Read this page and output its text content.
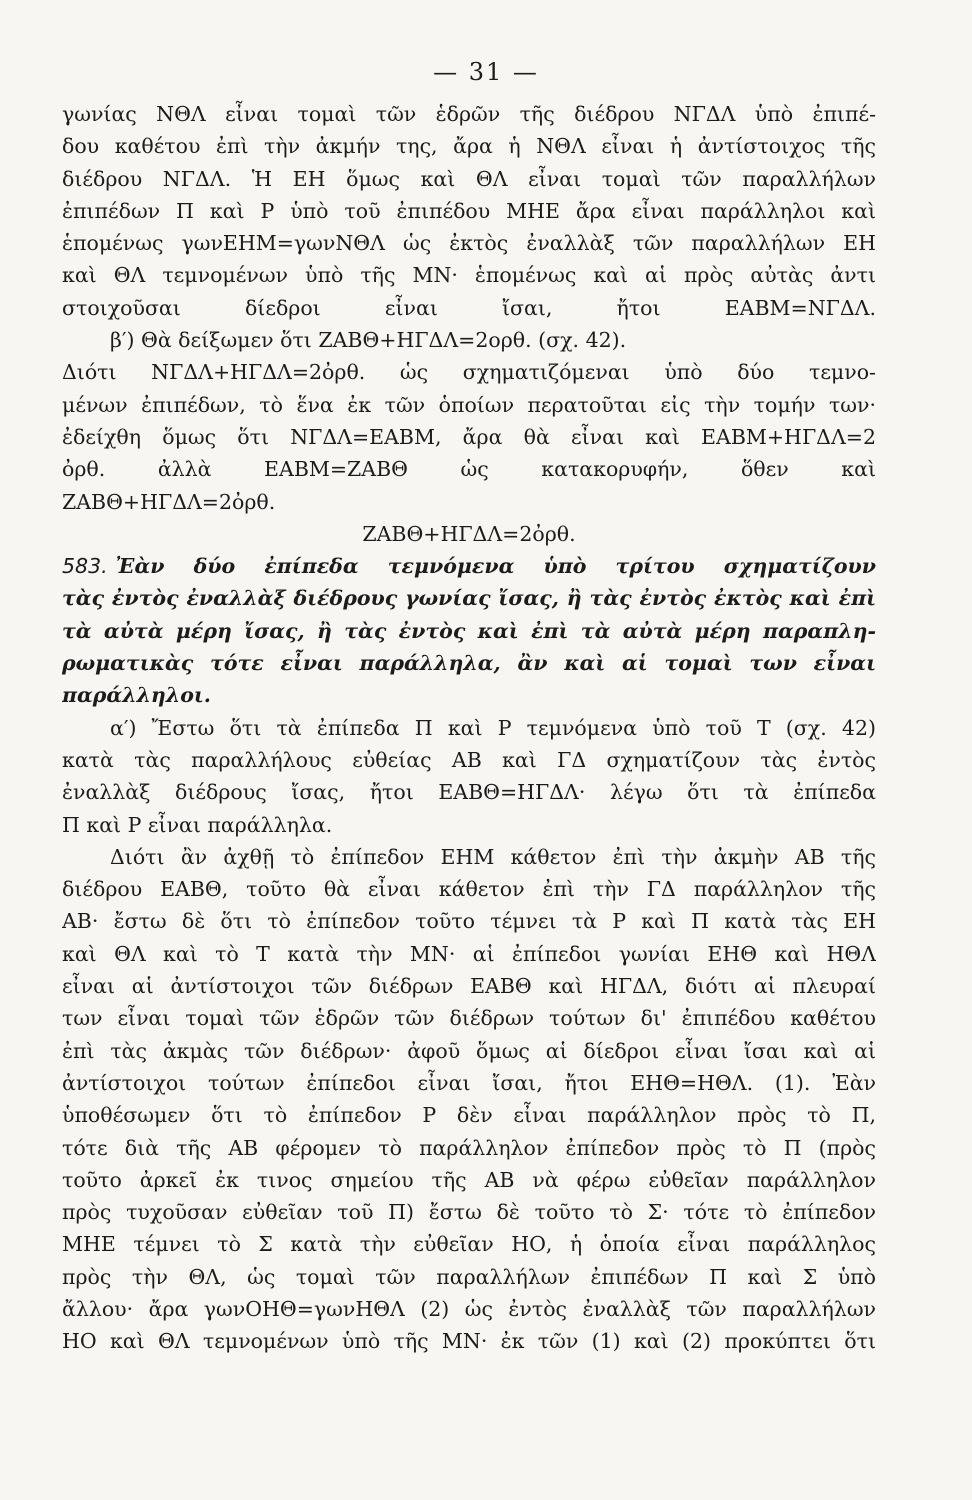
— 31 —
γωνίας ΝΘΛ εἶναι τομαὶ τῶν ἑδρῶν τῆς διέδρου ΝΓΔΛ ὑπὸ ἐπιπέ-
δου καθέτου ἐπὶ τὴν ἀκμήν της, ἄρα ἡ ΝΘΛ εἶναι ἡ ἀντίστοιχος τῆς
διέδρου ΝΓΔΛ. Ἡ ΕΗ ὅμως καὶ ΘΛ εἶναι τομαὶ τῶν παραλλήλων
ἐπιπέδων Π καὶ Ρ ὑπὸ τοῦ ἐπιπέδου ΜΗΕ ἄρα εἶναι παράλληλοι καὶ
ἑπομένως γωνΕΗΜ=γωνΝΘΛ ὡς ἐκτὸς ἐναλλὰξ τῶν παραλλήλων ΕΗ
καὶ ΘΛ τεμνομένων ὑπὸ τῆς ΜΝ· ἑπομένως καὶ αἱ πρὸς αὐτὰς ἀντι
στοιχοῦσαι δίεδροι εἶναι ἴσαι, ἤτοι ΕΑΒΜ=ΝΓΔΛ.
β′) Θὰ δείξωμεν ὅτι ΖΑΒΘ+ΗΓΔΛ=2ορθ. (σχ. 42).
Διότι ΝΓΔΛ+ΗΓΔΛ=2ὀρθ. ὡς σχηματιζόμεναι ὑπὸ δύο τεμνο-
μένων ἐπιπέδων, τὸ ἕνα ἐκ τῶν ὁποίων περατοῦται εἰς τὴν τομήν των·
ἐδείχθη ὅμως ὅτι ΝΓΔΛ=ΕΑΒΜ, ἄρα θὰ εἶναι καὶ ΕΑΒΜ+ΗΓΔΛ=2
ὀρθ. ἀλλὰ ΕΑΒΜ=ΖΑΒΘ ὡς κατακορυφήν, ὅθεν καὶ
ΖΑΒΘ+ΗΓΔΛ=2ὀρθ.
ΖΑΒΘ+ΗΓΔΛ=2ὀρθ.
583. Ἐὰν δύο ἐπίπεδα τεμνόμενα ὑπὸ τρίτου σχηματίζουν
τὰς ἐντὸς ἐναλλὰξ διέδρους γωνίας ἴσας, ἢ τὰς ἐντὸς ἐκτὸς καὶ ἐπὶ
τὰ αὐτὰ μέρη ἴσας, ἢ τὰς ἐντὸς καὶ ἐπὶ τὰ αὐτὰ μέρη παραπλη-
ρωματικὰς τότε εἶναι παράλληλα, ἂν καὶ αἱ τομαὶ των εἶναι
παράλληλοι.
α′) Ἔστω ὅτι τὰ ἐπίπεδα Π καὶ Ρ τεμνόμενα ὑπὸ τοῦ Τ (σχ. 42)
κατὰ τὰς παραλλήλους εὐθείας ΑΒ καὶ ΓΔ σχηματίζουν τὰς ἐντὸς
ἐναλλὰξ διέδρους ἴσας, ἤτοι ΕΑΒΘ=ΗΓΔΛ· λέγω ὅτι τὰ ἐπίπεδα
Π καὶ Ρ εἶναι παράλληλα.
Διότι ἂν ἀχθῇ τὸ ἐπίπεδον ΕΗΜ κάθετον ἐπὶ τὴν ἀκμὴν ΑΒ τῆς
διέδρου ΕΑΒΘ, τοῦτο θὰ εἶναι κάθετον ἐπὶ τὴν ΓΔ παράλληλον τῆς
ΑΒ· ἔστω δὲ ὅτι τὸ ἐπίπεδον τοῦτο τέμνει τὰ Ρ καὶ Π κατὰ τὰς ΕΗ
καὶ ΘΛ καὶ τὸ Τ κατὰ τὴν ΜΝ· αἱ ἐπίπεδοι γωνίαι ΕΗΘ καὶ ΗΘΛ
εἶναι αἱ ἀντίστοιχοι τῶν διέδρων ΕΑΒΘ καὶ ΗΓΔΛ, διότι αἱ πλευραί
των εἶναι τομαὶ τῶν ἑδρῶν τῶν διέδρων τούτων δι' ἐπιπέδου καθέτου
ἐπὶ τὰς ἀκμὰς τῶν διέδρων· ἀφοῦ ὅμως αἱ δίεδροι εἶναι ἴσαι καὶ αἱ
ἀντίστοιχοι τούτων ἐπίπεδοι εἶναι ἴσαι, ἤτοι ΕΗΘ=ΗΘΛ. (1). Ἐὰν
ὑποθέσωμεν ὅτι τὸ ἐπίπεδον Ρ δὲν εἶναι παράλληλον πρὸς τὸ Π,
τότε διὰ τῆς ΑΒ φέρομεν τὸ παράλληλον ἐπίπεδον πρὸς τὸ Π (πρὸς
τοῦτο ἀρκεῖ ἐκ τινος σημείου τῆς ΑΒ νὰ φέρω εὐθεῖαν παράλληλον
πρὸς τυχοῦσαν εὐθεῖαν τοῦ Π) ἔστω δὲ τοῦτο τὸ Σ· τότε τὸ ἐπίπεδον
ΜΗΕ τέμνει τὸ Σ κατὰ τὴν εὐθεῖαν ΗΟ, ἡ ὁποία εἶναι παράλληλος
πρὸς τὴν ΘΛ, ὡς τομαὶ τῶν παραλλήλων ἐπιπέδων Π καὶ Σ ὑπὸ
ἄλλου· ἄρα γωνΟΗΘ=γωνΗΘΛ (2) ὡς ἐντὸς ἐναλλὰξ τῶν παραλλήλων
ΗΟ καὶ ΘΛ τεμνομένων ὑπὸ τῆς ΜΝ· ἐκ τῶν (1) καὶ (2) προκύπτει ὅτι
